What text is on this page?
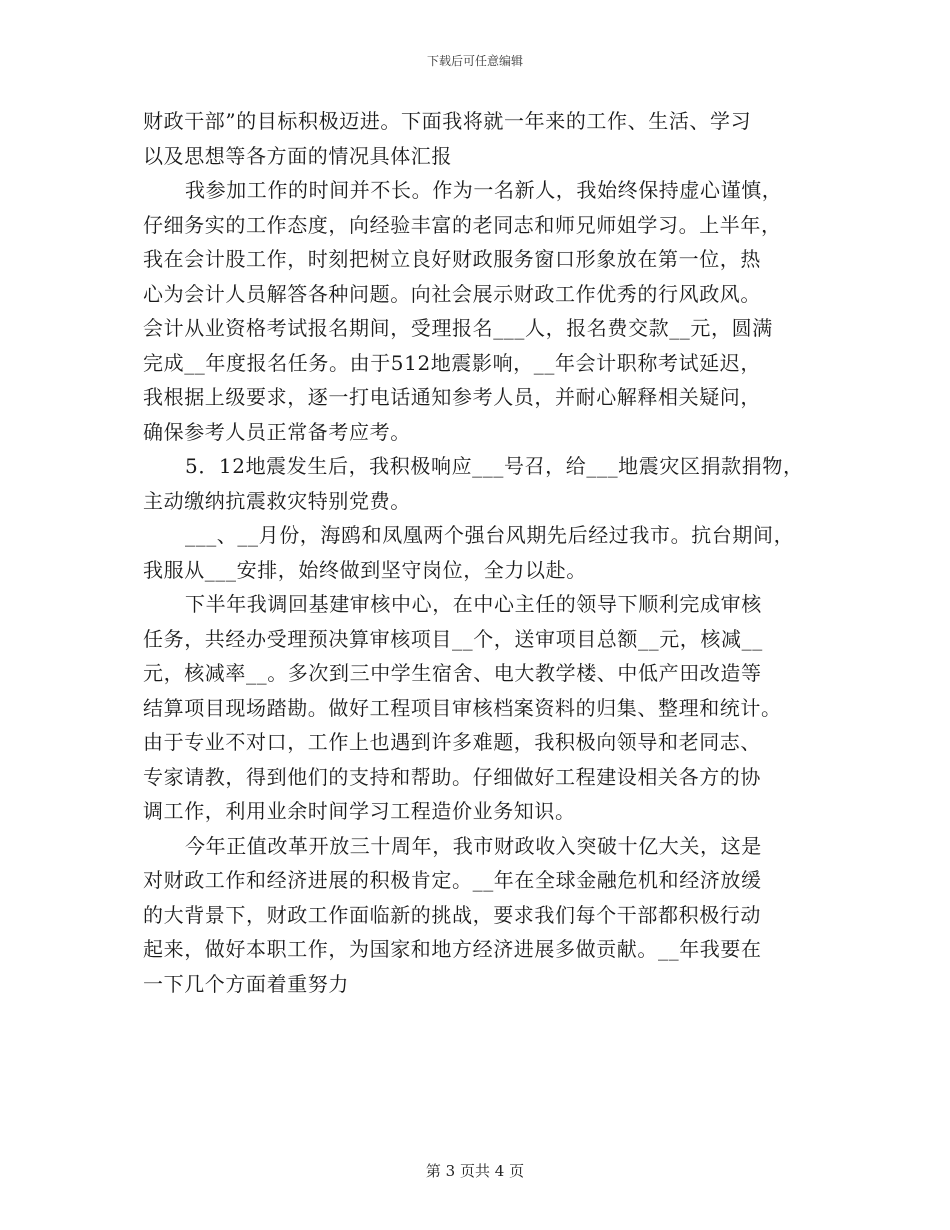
下载后可任意编辑
财政干部”的目标积极迈进。下面我将就一年来的工作、生活、学习
以及思想等各方面的情况具体汇报
我参加工作的时间并不长。作为一名新人，我始终保持虚心谨慎，
仔细务实的工作态度，向经验丰富的老同志和师兄师姐学习。上半年，
我在会计股工作，时刻把树立良好财政服务窗口形象放在第一位，热
心为会计人员解答各种问题。向社会展示财政工作优秀的行风政风。
会计从业资格考试报名期间，受理报名___人，报名费交款__元，圆满
完成__年度报名任务。由于512地震影响，__年会计职称考试延迟，
我根据上级要求，逐一打电话通知参考人员，并耐心解释相关疑问，
确保参考人员正常备考应考。
5．12地震发生后，我积极响应___号召，给___地震灾区捐款捐物，
主动缴纳抗震救灾特别党费。
___、__月份，海鸥和凤凰两个强台风期先后经过我市。抗台期间，
我服从___安排，始终做到坚守岗位，全力以赴。
下半年我调回基建审核中心，在中心主任的领导下顺利完成审核
任务，共经办受理预决算审核项目__个，送审项目总额__元，核减__
元，核减率__。多次到三中学生宿舍、电大教学楼、中低产田改造等
结算项目现场踏勘。做好工程项目审核档案资料的归集、整理和统计。
由于专业不对口，工作上也遇到许多难题，我积极向领导和老同志、
专家请教，得到他们的支持和帮助。仔细做好工程建设相关各方的协
调工作，利用业余时间学习工程造价业务知识。
今年正值改革开放三十周年，我市财政收入突破十亿大关，这是
对财政工作和经济进展的积极肯定。__年在全球金融危机和经济放缓
的大背景下，财政工作面临新的挑战，要求我们每个干部都积极行动
起来，做好本职工作，为国家和地方经济进展多做贡献。__年我要在
一下几个方面着重努力
第 3 页共 4 页
